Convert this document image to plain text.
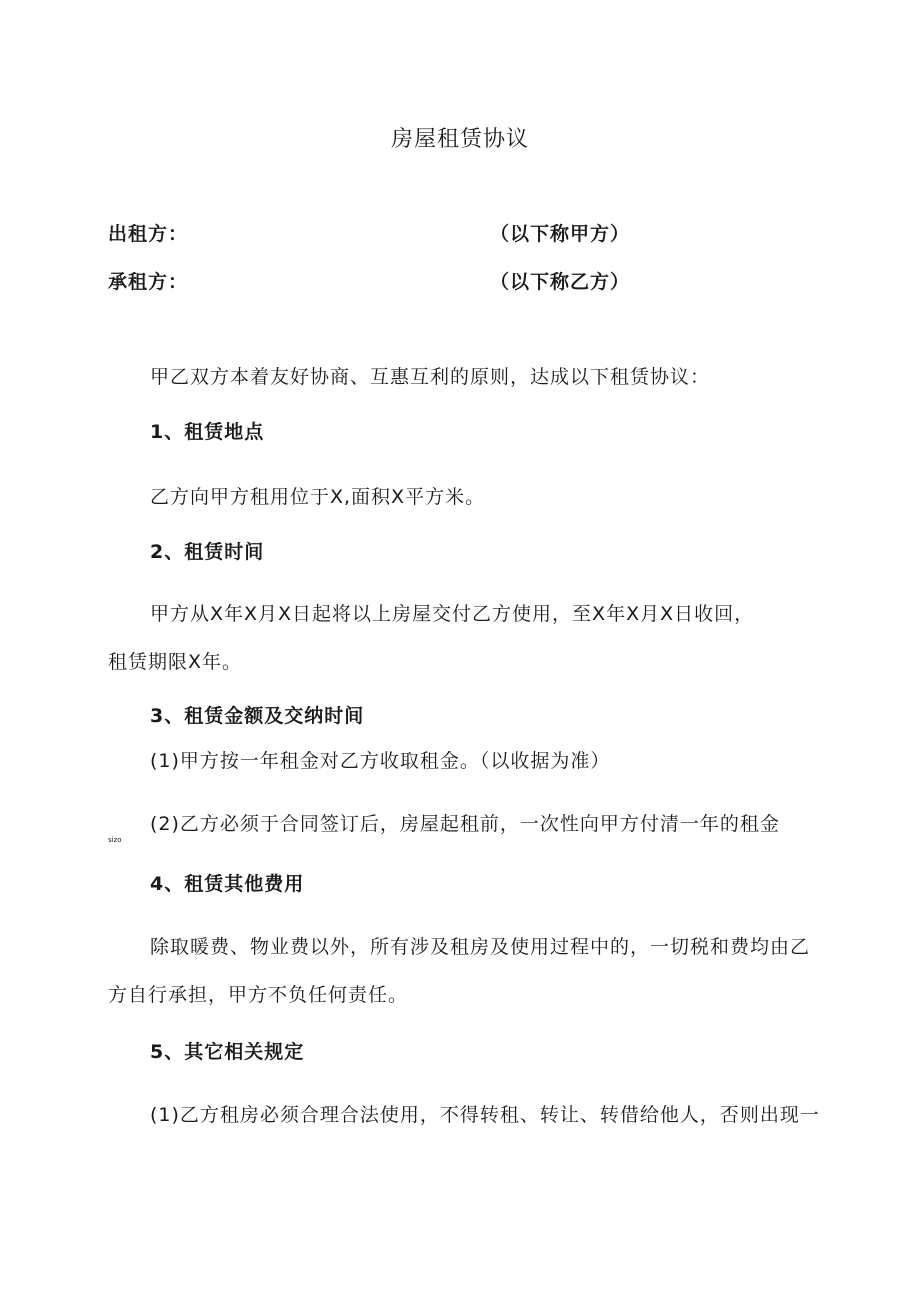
房屋租赁协议
出租方：	（以下称甲方）
承租方：	（以下称乙方）
甲乙双方本着友好协商、互惠互利的原则，达成以下租赁协议：
1、租赁地点
乙方向甲方租用位于X,面积X平方米。
2、租赁时间
甲方从X年X月X日起将以上房屋交付乙方使用，至X年X月X日收回，
租赁期限X年。
3、租赁金额及交纳时间
(1)甲方按一年租金对乙方收取租金。（以收据为准）
(2)乙方必须于合同签订后，房屋起租前，一次性向甲方付清一年的租金
sizo
4、租赁其他费用
除取暖费、物业费以外，所有涉及租房及使用过程中的，一切税和费均由乙
方自行承担，甲方不负任何责任。
5、其它相关规定
(1)乙方租房必须合理合法使用，不得转租、转让、转借给他人，否则出现一
